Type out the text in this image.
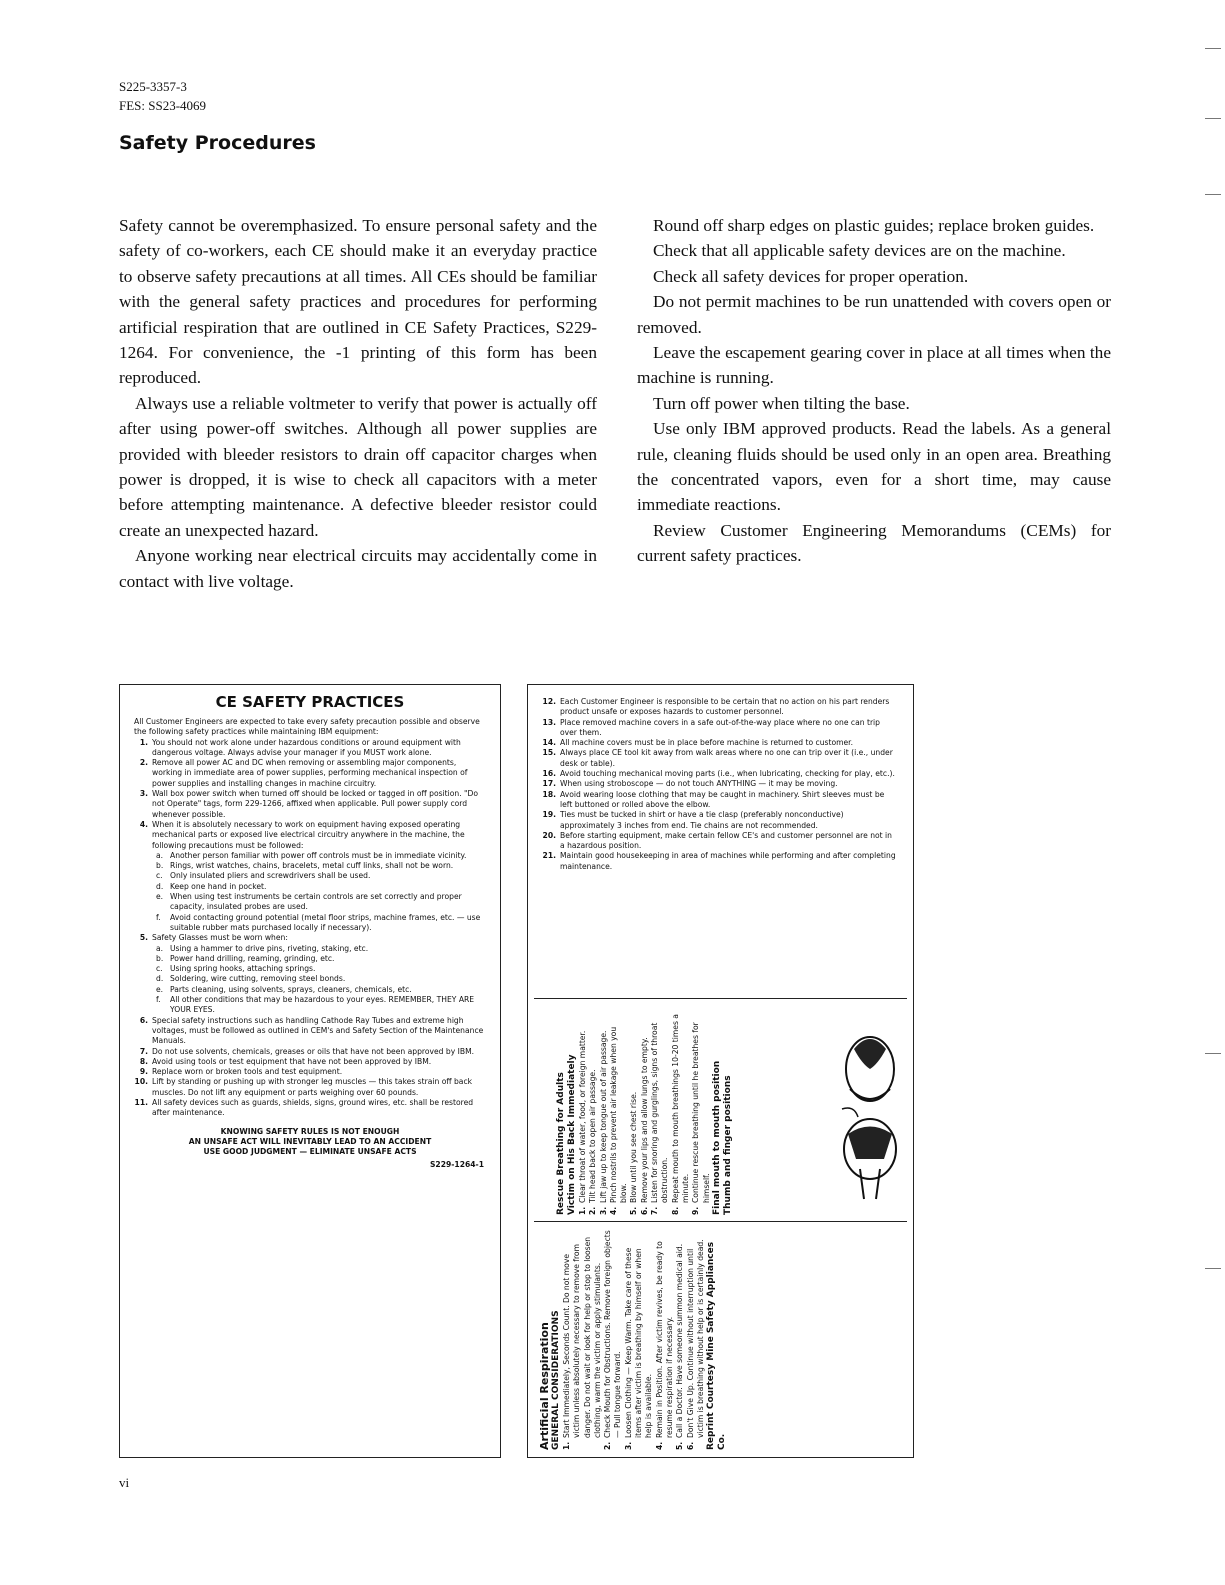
S225-3357-3
FES: SS23-4069
Safety Procedures

Safety cannot be overemphasized. To ensure personal safety and the safety of co-workers, each CE should make it an everyday practice to observe safety precautions at all times. All CEs should be familiar with the general safety practices and procedures for performing artificial respiration that are outlined in CE Safety Practices, S229-1264. For convenience, the -1 printing of this form has been reproduced.

Always use a reliable voltmeter to verify that power is actually off after using power-off switches. Although all power supplies are provided with bleeder resistors to drain off capacitor charges when power is dropped, it is wise to check all capacitors with a meter before attempting maintenance. A defective bleeder resistor could create an unexpected hazard.

Anyone working near electrical circuits may accidentally come in contact with live voltage.

Round off sharp edges on plastic guides; replace broken guides.

Check that all applicable safety devices are on the machine.

Check all safety devices for proper operation.

Do not permit machines to be run unattended with covers open or removed.

Leave the escapement gearing cover in place at all times when the machine is running.

Turn off power when tilting the base.

Use only IBM approved products. Read the labels. As a general rule, cleaning fluids should be used only in an open area. Breathing the concentrated vapors, even for a short time, may cause immediate reactions.

Review Customer Engineering Memorandums (CEMs) for current safety practices.

CE SAFETY PRACTICES
All Customer Engineers are expected to take every safety precaution possible and observe the following safety practices while maintaining IBM equipment:
1. You should not work alone under hazardous conditions or around equipment with dangerous voltage. Always advise your manager if you MUST work alone.
2. Remove all power AC and DC when removing or assembling major components, working in immediate area of power supplies, performing mechanical inspection of power supplies and installing changes in machine circuitry.
3. Wall box power switch when turned off should be locked or tagged in off position. "Do not Operate" tags, form 229-1266, affixed when applicable. Pull power supply cord whenever possible.
4. When it is absolutely necessary to work on equipment having exposed operating mechanical parts or exposed live electrical circuitry anywhere in the machine, the following precautions must be followed:
a. Another person familiar with power off controls must be in immediate vicinity.
b. Rings, wrist watches, chains, bracelets, metal cuff links, shall not be worn.
c. Only insulated pliers and screwdrivers shall be used.
d. Keep one hand in pocket.
e. When using test instruments be certain controls are set correctly and proper capacity, insulated probes are used.
f.	Avoid contacting ground potential (metal floor strips, machine frames, etc. — use suitable rubber mats purchased locally if necessary).
5. Safety Glasses must be worn when:
a. Using a hammer to drive pins, riveting, staking, etc.
b. Power hand drilling, reaming, grinding, etc.
c. Using spring hooks, attaching springs.
d. Soldering, wire cutting, removing steel bonds.
e. Parts cleaning, using solvents, sprays, cleaners, chemicals, etc.
f.	All other conditions that may be hazardous to your eyes. REMEMBER, THEY ARE YOUR EYES.
6. Special safety instructions such as handling Cathode Ray Tubes and extreme high voltages, must be followed as outlined in CEM's and Safety Section of the Maintenance Manuals.
7. Do not use solvents, chemicals, greases or oils that have not been approved by IBM.
8. Avoid using tools or test equipment that have not been approved by IBM.
9. Replace worn or broken tools and test equipment.
10. Lift by standing or pushing up with stronger leg muscles — this takes strain off back muscles. Do not lift any equipment or parts weighing over 60 pounds.
11. All safety devices such as guards, shields, signs, ground wires, etc. shall be restored after maintenance.
KNOWING SAFETY RULES IS NOT ENOUGH
AN UNSAFE ACT WILL INEVITABLY LEAD TO AN ACCIDENT
USE GOOD JUDGMENT — ELIMINATE UNSAFE ACTS
S229-1264-1
12. Each Customer Engineer is responsible to be certain that no action on his part renders product unsafe or exposes hazards to customer personnel.
13. Place removed machine covers in a safe out-of-the-way place where no one can trip over them.
14. All machine covers must be in place before machine is returned to customer.
15. Always place CE tool kit away from walk areas where no one can trip over it (i.e., under desk or table).
16. Avoid touching mechanical moving parts (i.e., when lubricating, checking for play, etc.).
17. When using stroboscope — do not touch ANYTHING — it may be moving.
18. Avoid wearing loose clothing that may be caught in machinery. Shirt sleeves must be left buttoned or rolled above the elbow.
19. Ties must be tucked in shirt or have a tie clasp (preferably nonconductive) approximately 3 inches from end. Tie chains are not recommended.
20. Before starting equipment, make certain fellow CE's and customer personnel are not in a hazardous position.
21. Maintain good housekeeping in area of machines while performing and after completing maintenance.
Rescue Breathing for Adults Victim on His Back Immediately 1.
Clear throat of water, food, or foreign matter.
2.
Tilt head back to open air passage.
3.
Lift jaw up to keep tongue out of air passage.
4.
Pinch nostrils to prevent air leakage when you blow.
5.
Blow until you see chest rise.
6.
Remove your lips and allow lungs to empty.
7.
Listen for snoring and gurglings, signs of throat obstruction.
8.
Repeat mouth to mouth breathings 10-20 times a minute.
9.
Continue rescue breathing until he breathes for himself. Final mouth to mouth position Thumb and finger positions
Artificial Respiration GENERAL CONSIDERATIONS 1.
Start Immediately, Seconds Count. Do not move victim unless absolutely necessary to remove from danger. Do not wait or look for help or stop to loosen clothing, warm the victim or apply stimulants.
2.
Check Mouth for Obstructions. Remove foreign objects — Pull tongue forward.
3.
Loosen Clothing — Keep Warm. Take care of these items after victim is breathing by himself or when help is available.
4.
Remain in Position. After victim revives, be ready to resume respiration if necessary.
5.
Call a Doctor. Have someone summon medical aid.
6.
Don't Give Up. Continue without interruption until victim is breathing without help or is certainly dead. Reprint Courtesy Mine Safety Appliances Co.
vi
